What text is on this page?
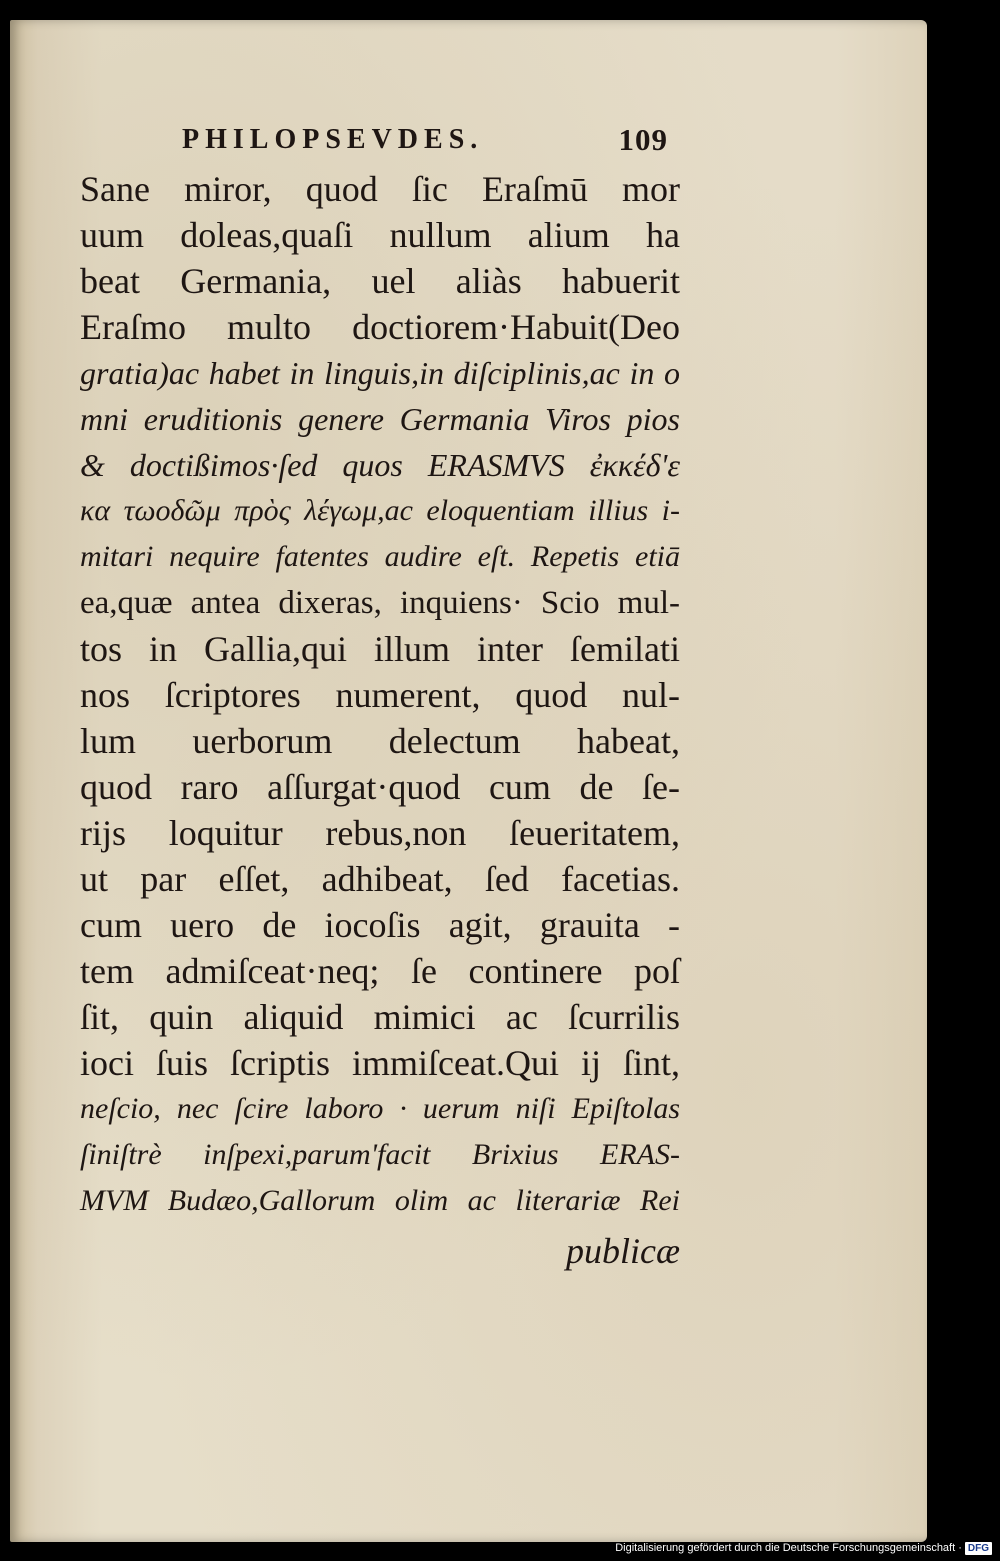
PHILOPSEVDES.	109
Sane miror, quod ſic Eraſmū mor
uum doleas,quaſi nullum alium ha
beat Germania, uel aliàs habuerit
Eraſmo multo doctiorem·Habuit(Deo
gratia)ac habet in linguis,in diſciplinis,ac in o
mni eruditionis genere Germania Viros pios
& doctißimos·ſed quos ERASMVS ἐκκέδʹε
κα τωοδῶμ πρὸς λέγωμ,ac eloquentiam illius i-
mitari nequire fatentes audire eſt. Repetis etiā
ea,quæ antea dixeras, inquiens· Scio mul-
tos in Gallia,qui illum inter ſemilati
nos ſcriptores numerent, quod nul-
lum uerborum delectum habeat,
quod raro aſſurgat·quod cum de ſe-
rijs loquitur rebus,non ſeueritatem,
ut par eſſet, adhibeat, ſed facetias.
cum uero de iocoſis agit, grauita -
tem admiſceat·neq; ſe continere poſ
ſit, quin aliquid mimici ac ſcurrilis
ioci ſuis ſcriptis immiſceat.Qui ij ſint,
neſcio, nec ſcire laboro · uerum niſi Epiſtolas
ſiniſtrè inſpexi,parum'facit Brixius ERAS-
MVM Budæo,Gallorum olim ac literariæ Rei
publicæ
Digitalisierung gefördert durch die Deutsche Forschungsgemeinschaft · DFG
